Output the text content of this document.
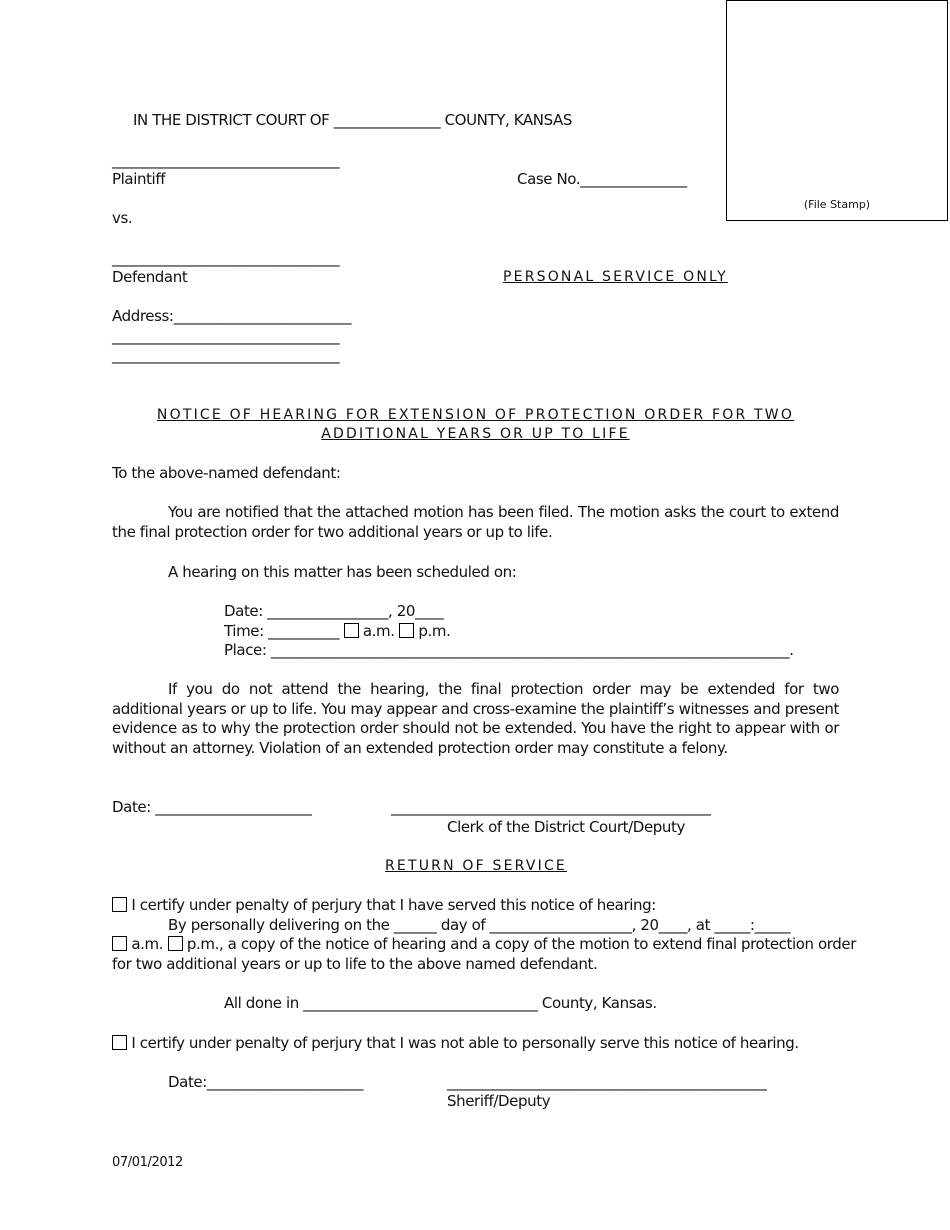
(File Stamp)
IN THE DISTRICT COURT OF _______________ COUNTY, KANSAS
________________________________
Plaintiff	Case No._______________
vs.
________________________________
Defendant	PERSONAL SERVICE ONLY
Address:_________________________
________________________________
________________________________
NOTICE OF HEARING FOR EXTENSION OF PROTECTION ORDER FOR TWO
ADDITIONAL YEARS OR UP TO LIFE
To the above-named defendant:
You are notified that the attached motion has been filed. The motion asks the court to extend the final protection order for two additional years or up to life.
A hearing on this matter has been scheduled on:
Date: _________________, 20____
Time: __________ a.m. p.m.
Place: _________________________________________________________________________.
If you do not attend the hearing, the final protection order may be extended for two additional years or up to life. You may appear and cross-examine the plaintiff’s witnesses and present evidence as to why the protection order should not be extended. You have the right to appear with or without an attorney. Violation of an extended protection order may constitute a felony.
Date: ______________________	_____________________________________________
Clerk of the District Court/Deputy
RETURN OF SERVICE
I certify under penalty of perjury that I have served this notice of hearing:
By personally delivering on the ______ day of ____________________, 20____, at _____:_____
a.m. p.m., a copy of the notice of hearing and a copy of the motion to extend final protection order
for two additional years or up to life to the above named defendant.
All done in _________________________________ County, Kansas.
I certify under penalty of perjury that I was not able to personally serve this notice of hearing.
Date:______________________	_____________________________________________
Sheriff/Deputy
07/01/2012
